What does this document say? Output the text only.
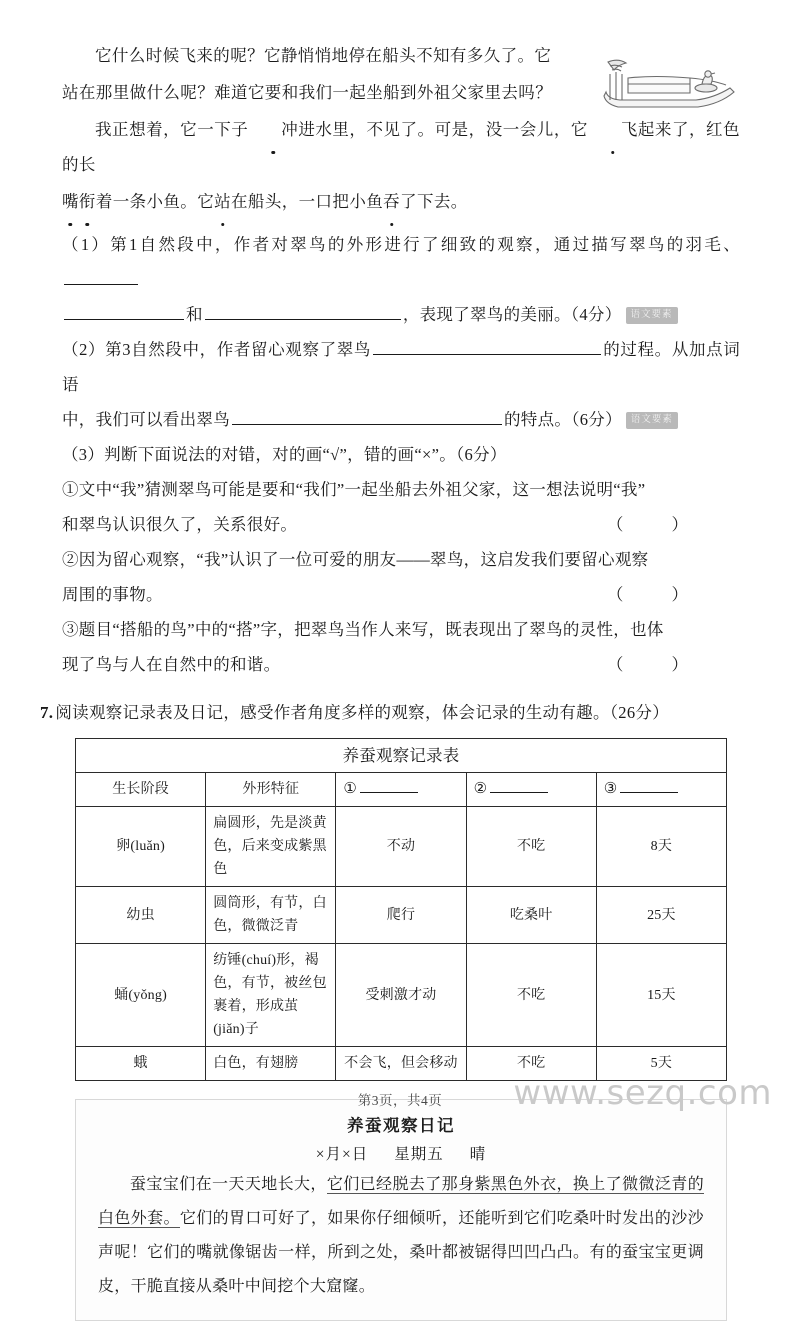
它什么时候飞来的呢？它静悄悄地停在船头不知有多久了。它

站在那里做什么呢？难道它要和我们一起坐船到外祖父家里去吗？

我正想着，它一下子 冲进水里，不见了。可是，没一会儿，它 飞起来了，红色的长

嘴衔着一条小鱼。它站在船头，一口把小鱼吞了下去。

（1）第1自然段中，作者对翠鸟的外形进行了细致的观察，通过描写翠鸟的羽毛、

和	，表现了翠鸟的美丽。（4分） 语文要素

（2）第3自然段中，作者留心观察了翠鸟	的过程。从加点词语

中，我们可以看出翠鸟	的特点。（6分） 语文要素

（3）判断下面说法的对错，对的画“√”，错的画“×”。（6分）

①文中“我”猜测翠鸟可能是要和“我们”一起坐船去外祖父家，这一想法说明“我”

和翠鸟认识很久了，关系很好。	（ ）

②因为留心观察，“我”认识了一位可爱的朋友——翠鸟，这启发我们要留心观察

周围的事物。	（ ）

③题目“搭船的鸟”中的“搭”字，把翠鸟当作人来写，既表现出了翠鸟的灵性，也体

现了鸟与人在自然中的和谐。	（ ）

7. 阅读观察记录表及日记，感受作者角度多样的观察，体会记录的生动有趣。（26分）

养蚕观察记录表				
生长阶段	外形特征	①	②	③
卵(luǎn)	扁圆形，先是淡黄色，后来变成紫黑色	不动	不吃	8天
幼虫	圆筒形，有节，白色，微微泛青	爬行	吃桑叶	25天
蛹(yǒng)	纺锤(chuí)形，褐色，有节，被丝包裹着，形成茧(jiǎn)子	受刺激才动	不吃	15天
蛾	白色，有翅膀	不会飞，但会移动	不吃	5天
养蚕观察日记
×月×日 星期五 晴

蚕宝宝们在一天天地长大，它们已经脱去了那身紫黑色外衣，换上了微微泛青的白色外套。它们的胃口可好了，如果你仔细倾听，还能听到它们吃桑叶时发出的沙沙声呢！它们的嘴就像锯齿一样，所到之处，桑叶都被锯得凹凹凸凸。有的蚕宝宝更调皮，干脆直接从桑叶中间挖个大窟窿。

第3页，共4页	www.sezq.com
